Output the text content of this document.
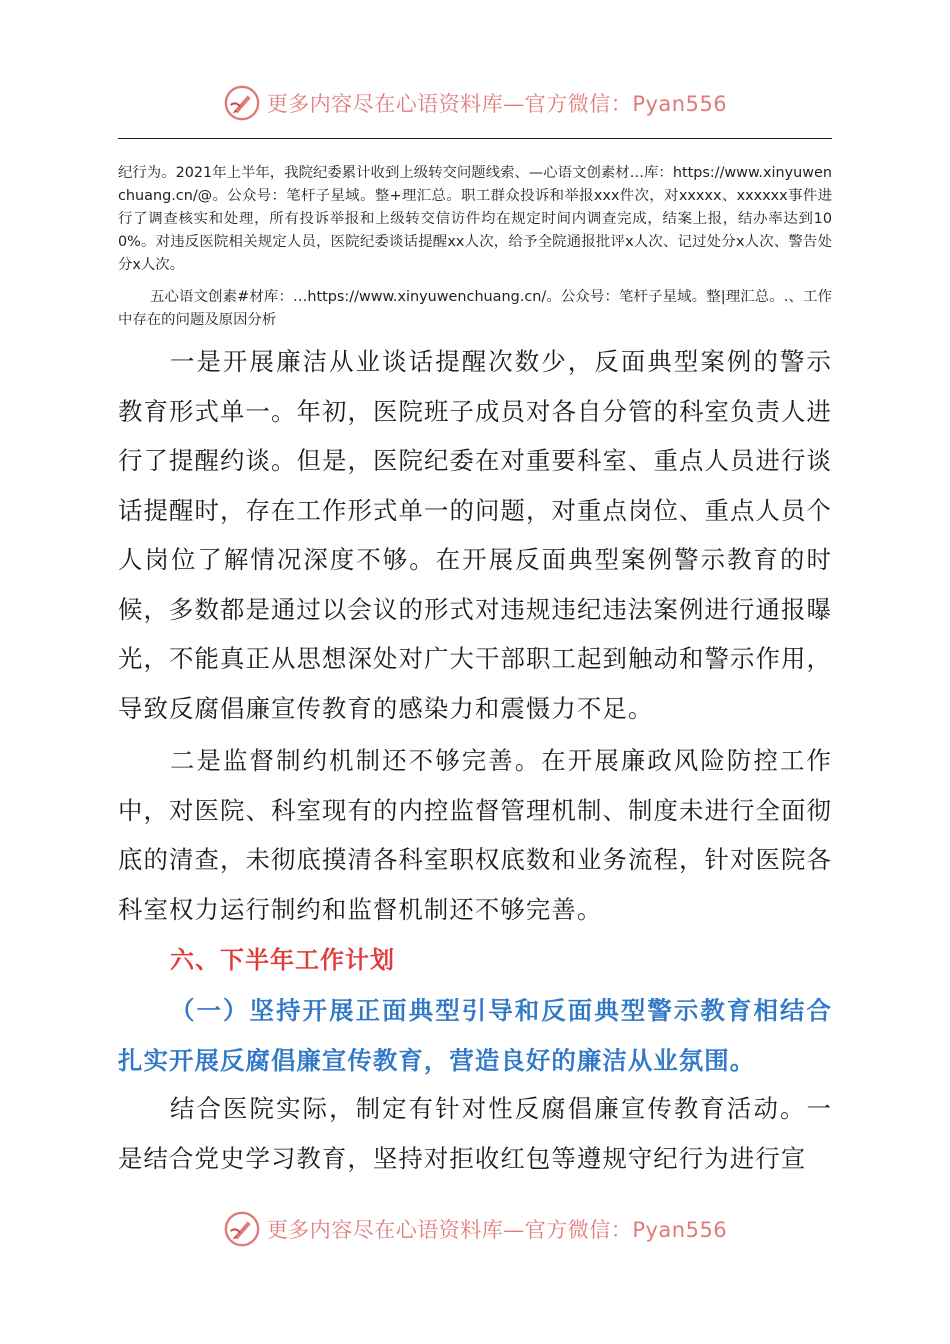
更多内容尽在心语资料库—官方微信：Pyan556

纪行为。2021年上半年，我院纪委累计收到上级转交问题线索、—心语文创素材…库：https://www.xinyuwenchuang.cn/@。公众号：笔杆子星域。整+理汇总。职工群众投诉和举报xxx件次，对xxxxx、xxxxxx事件进行了调查核实和处理，所有投诉举报和上级转交信访件均在规定时间内调查完成，结案上报，结办率达到100%。对违反医院相关规定人员，医院纪委谈话提醒xx人次，给予全院通报批评x人次、记过处分x人次、警告处分x人次。

五心语文创素#材库：…https://www.xinyuwenchuang.cn/。公众号：笔杆子星域。整|理汇总。.、工作中存在的问题及原因分析

一是开展廉洁从业谈话提醒次数少，反面典型案例的警示教育形式单一。年初，医院班子成员对各自分管的科室负责人进行了提醒约谈。但是，医院纪委在对重要科室、重点人员进行谈话提醒时，存在工作形式单一的问题，对重点岗位、重点人员个人岗位了解情况深度不够。在开展反面典型案例警示教育的时候，多数都是通过以会议的形式对违规违纪违法案例进行通报曝光，不能真正从思想深处对广大干部职工起到触动和警示作用，导致反腐倡廉宣传教育的感染力和震慑力不足。

二是监督制约机制还不够完善。在开展廉政风险防控工作中，对医院、科室现有的内控监督管理机制、制度未进行全面彻底的清查，未彻底摸清各科室职权底数和业务流程，针对医院各科室权力运行制约和监督机制还不够完善。

六、下半年工作计划
（一）坚持开展正面典型引导和反面典型警示教育相结合扎实开展反腐倡廉宣传教育，营造良好的廉洁从业氛围。

结合医院实际，制定有针对性反腐倡廉宣传教育活动。一是结合党史学习教育，坚持对拒收红包等遵规守纪行为进行宣

更多内容尽在心语资料库—官方微信：Pyan556
